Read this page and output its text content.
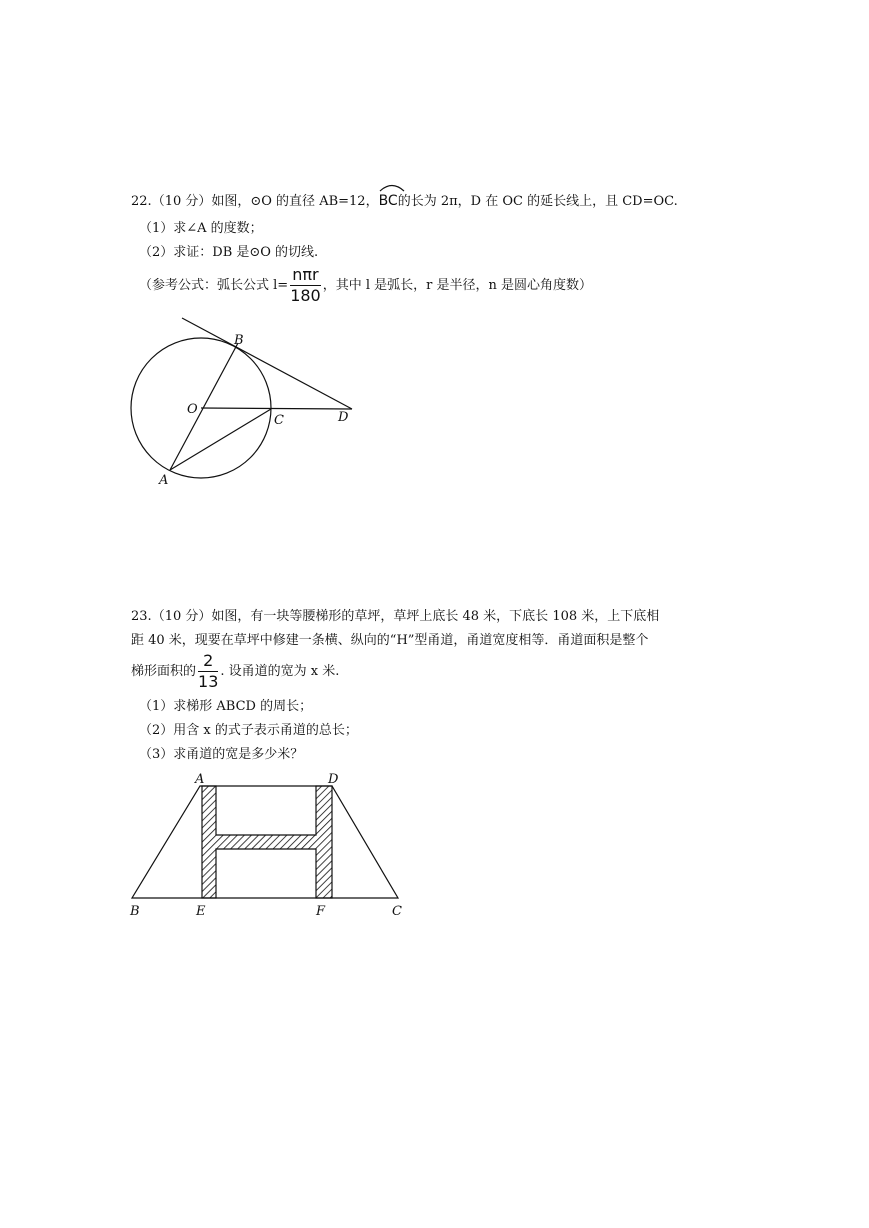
22.（10 分）如图，⊙O 的直径 AB=12，
BC的长为 2π，D 在 OC 的延长线上，且 CD=OC.
（1）求∠A 的度数；
（2）求证：DB 是⊙O 的切线.
（参考公式：弧长公式 $l= \frac{\text{nπr}}{180}$ ，其中 l 是弧长，r 是半径，n 是圆心角度数）
B
O
C	D
A
23.（10 分）如图，有一块等腰梯形的草坪，草坪上底长 48 米，下底长 108 米，上下底相
距 40 米，现要在草坪中修建一条横、纵向的“H”型甬道，甬道宽度相等．甬道面积是整个
梯形面积的 $\frac{2}{13}$ . 设甬道的宽为 x 米.
（1）求梯形 ABCD 的周长；
（2）用含 x 的式子表示甬道的总长；
（3）求甬道的宽是多少米？
A	D
B	E	F	C
